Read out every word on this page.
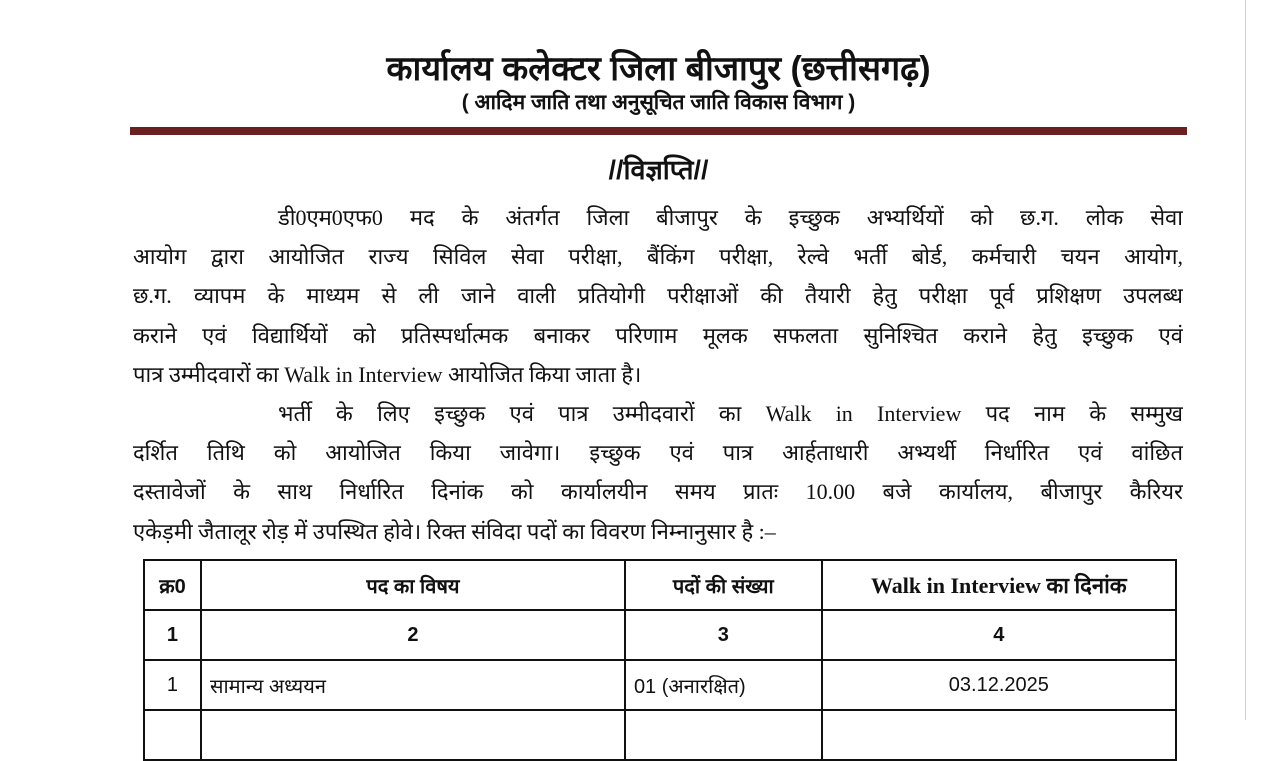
कार्यालय कलेक्टर जिला बीजापुर (छत्तीसगढ़)
( आदिम जाति तथा अनुसूचित जाति विकास विभाग )
//विज्ञप्ति//
डी0एम0एफ0 मद के अंतर्गत जिला बीजापुर के इच्छुक अभ्यर्थियों को छ.ग. लोक सेवा
आयोग द्वारा आयोजित राज्य सिविल सेवा परीक्षा, बैंकिंग परीक्षा, रेल्वे भर्ती बोर्ड, कर्मचारी चयन आयोग,
छ.ग. व्यापम के माध्यम से ली जाने वाली प्रतियोगी परीक्षाओं की तैयारी हेतु परीक्षा पूर्व प्रशिक्षण उपलब्ध
कराने एवं विद्यार्थियों को प्रतिस्पर्धात्मक बनाकर परिणाम मूलक सफलता सुनिश्चित कराने हेतु इच्छुक एवं
पात्र उम्मीदवारों का Walk in Interview आयोजित किया जाता है।
भर्ती के लिए इच्छुक एवं पात्र उम्मीदवारों का Walk in Interview पद नाम के सम्मुख
दर्शित तिथि को आयोजित किया जावेगा। इच्छुक एवं पात्र आर्हताधारी अभ्यर्थी निर्धारित एवं वांछित
दस्तावेजों के साथ निर्धारित दिनांक को कार्यालयीन समय प्रातः 10.00 बजे कार्यालय, बीजापुर कैरियर
एकेड़मी जैतालूर रोड़ में उपस्थित होवे। रिक्त संविदा पदों का विवरण निम्नानुसार है :–
क्र0	पद का विषय	पदों की संख्या	Walk in Interview का दिनांक
1	2	3	4
1	सामान्य अध्ययन	01 (अनारक्षित)	03.12.2025
